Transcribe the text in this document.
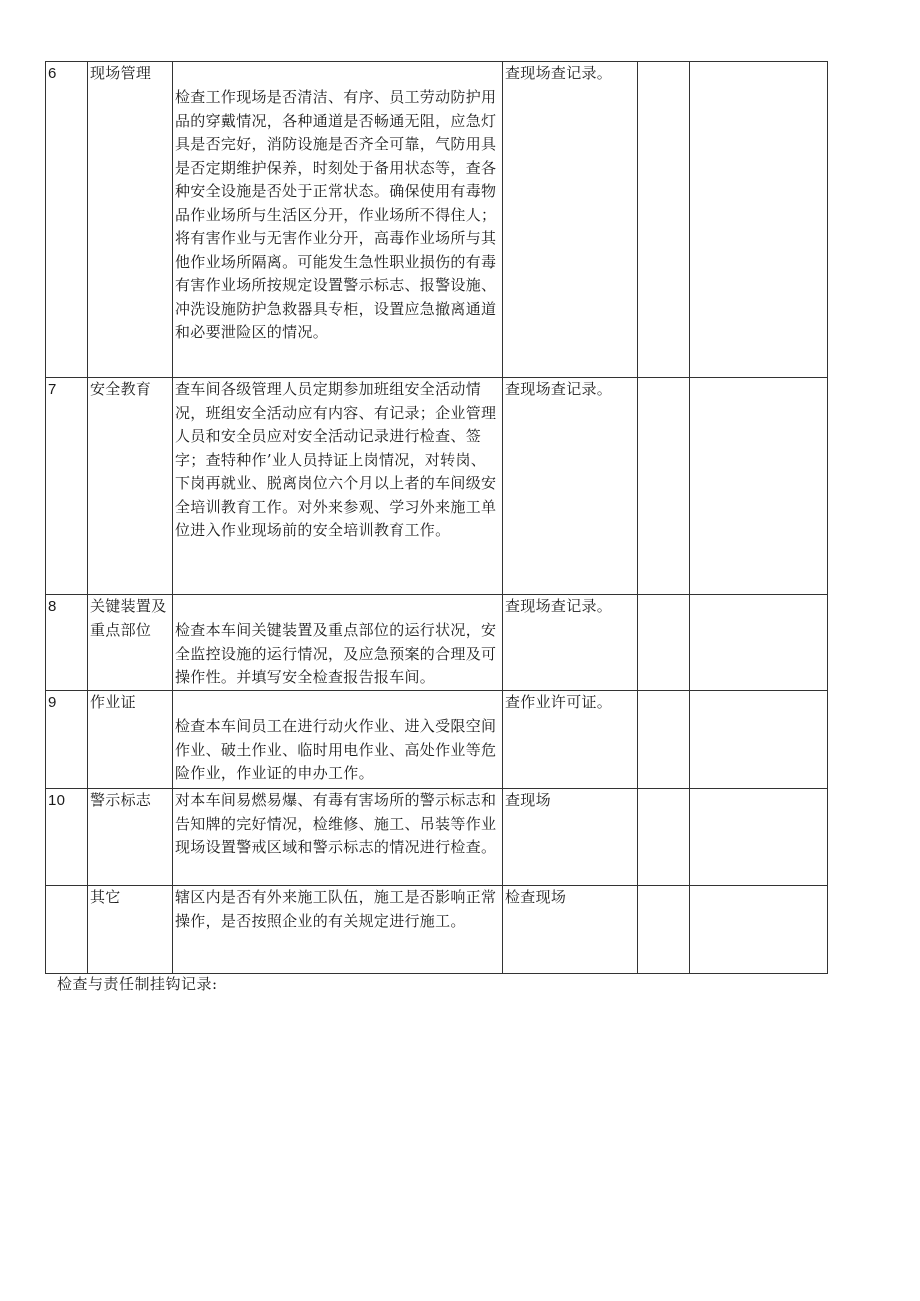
6	现场管理	检查工作现场是否清洁、有序、员工劳动防护用品的穿戴情况，各种通道是否畅通无阻，应急灯具是否完好，消防设施是否齐全可靠，气防用具是否定期维护保养，时刻处于备用状态等，查各种安全设施是否处于正常状态。确保使用有毒物品作业场所与生活区分开，作业场所不得住人；将有害作业与无害作业分开，高毒作业场所与其他作业场所隔离。可能发生急性职业损伤的有毒有害作业场所按规定设置警示标志、报警设施、冲洗设施防护急救器具专柜，设置应急撤离通道和必要泄险区的情况。	查现场查记录。		
7	安全教育	查车间各级管理人员定期参加班组安全活动情况，班组安全活动应有内容、有记录；企业管理人员和安全员应对安全活动记录进行检查、签字；查特种作’业人员持证上岗情况，对转岗、下岗再就业、脱离岗位六个月以上者的车间级安全培训教育工作。对外来参观、学习外来施工单位进入作业现场前的安全培训教育工作。	查现场查记录。		
8	关键装置及重点部位	检查本车间关键装置及重点部位的运行状况，安全监控设施的运行情况，及应急预案的合理及可操作性。并填写安全检查报告报车间。	查现场查记录。		
9	作业证	检查本车间员工在进行动火作业、进入受限空间作业、破土作业、临时用电作业、高处作业等危险作业，作业证的申办工作。	查作业许可证。		
10	警示标志	对本车间易燃易爆、有毒有害场所的警示标志和告知牌的完好情况，检维修、施工、吊装等作业现场设置警戒区域和警示标志的情况进行检查。	查现场		
	其它	辖区内是否有外来施工队伍，施工是否影响正常操作，是否按照企业的有关规定进行施工。	检查现场		
检查与责任制挂钩记录:
